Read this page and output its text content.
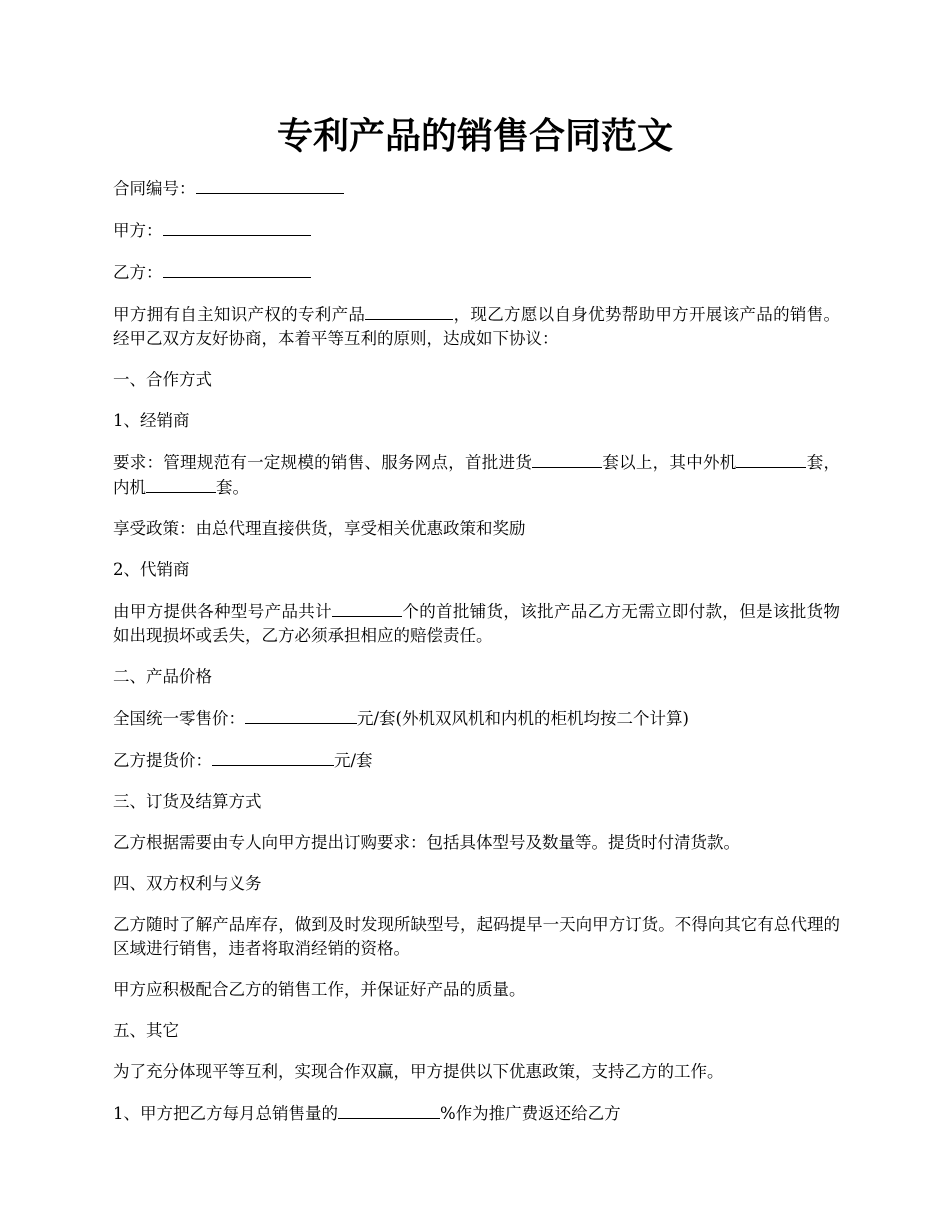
专利产品的销售合同范文

合同编号：

甲方：

乙方：

甲方拥有自主知识产权的专利产品	，现乙方愿以自身优势帮助甲方开展该产品的销售。经甲乙双方友好协商，本着平等互利的原则，达成如下协议：

一、合作方式

1、经销商

要求：管理规范有一定规模的销售、服务网点，首批进货	套以上，其中外机	套，内机	套。

享受政策：由总代理直接供货，享受相关优惠政策和奖励

2、代销商

由甲方提供各种型号产品共计	个的首批铺货，该批产品乙方无需立即付款，但是该批货物如出现损坏或丢失，乙方必须承担相应的赔偿责任。

二、产品价格

全国统一零售价：	元/套(外机双风机和内机的柜机均按二个计算)

乙方提货价：	元/套

三、订货及结算方式

乙方根据需要由专人向甲方提出订购要求：包括具体型号及数量等。提货时付清货款。

四、双方权利与义务

乙方随时了解产品库存，做到及时发现所缺型号，起码提早一天向甲方订货。不得向其它有总代理的区域进行销售，违者将取消经销的资格。

甲方应积极配合乙方的销售工作，并保证好产品的质量。

五、其它

为了充分体现平等互利，实现合作双赢，甲方提供以下优惠政策，支持乙方的工作。

1、甲方把乙方每月总销售量的	%作为推广费返还给乙方
